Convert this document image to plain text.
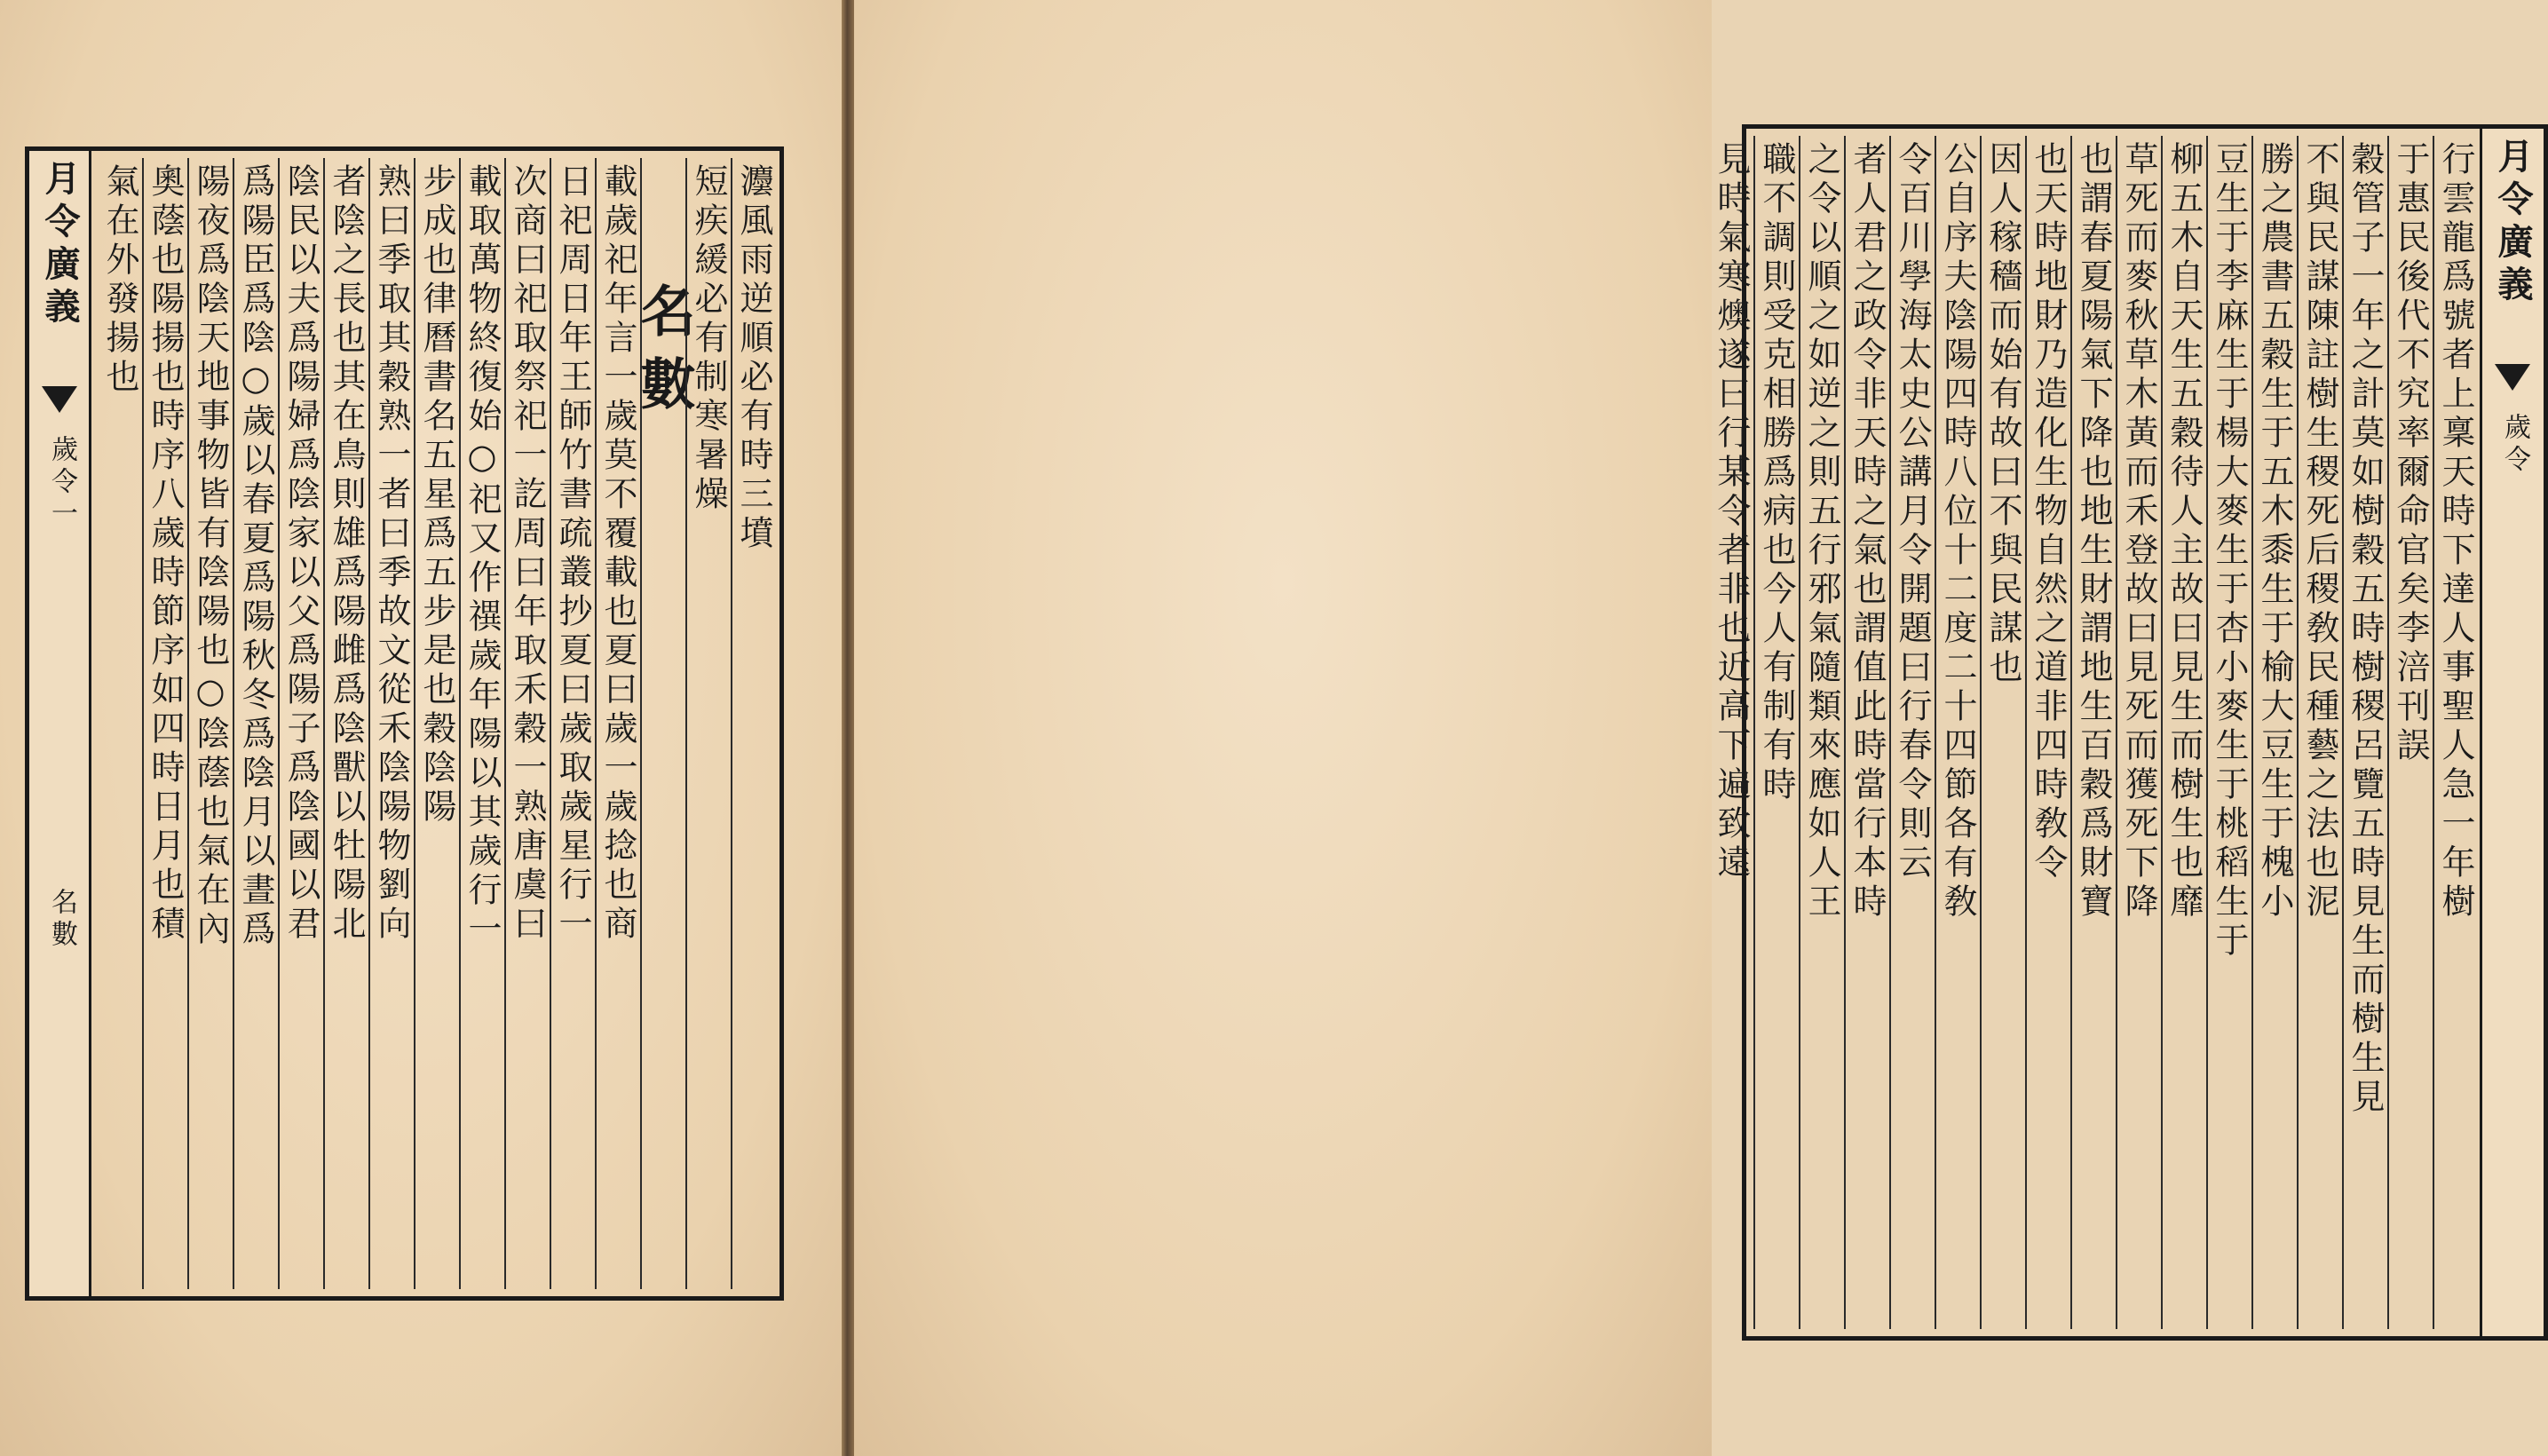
月令廣義
歲令一
名數
灋風雨逆順必有時三墳
短疾緩必有制寒暑燥
名數
載歲祀年言一歲莫不覆載也夏曰歲一歲捻也商
日祀周日年王師竹書疏叢抄夏曰歲取歲星行一
次商曰祀取祭祀一訖周曰年取禾穀一熟唐虞曰
載取萬物終復始○祀又作禩歲年陽以其歲行一
步成也律曆書名五星爲五步是也穀陰陽
熟曰季取其穀熟一者曰季故文從禾陰陽物劉向
者陰之長也其在鳥則雄爲陽雌爲陰獸以牡陽北
陰民以夫爲陽婦爲陰家以父爲陽子爲陰國以君
爲陽臣爲陰○歲以春夏爲陽秋冬爲陰月以晝爲
陽夜爲陰天地事物皆有陰陽也○陰蔭也氣在內
奧蔭也陽揚也時序八歲時節序如四時日月也積
氣在外發揚也	月令廣義
歲令
行雲龍爲號者上稟天時下達人事聖人急一年樹
于惠民後代不究率爾命官矣李涪刊誤
穀管子一年之計莫如樹穀五時樹稷呂覽五時見生而樹生見
不與民謀陳註樹生稷死后稷敎民種藝之法也泥
勝之農書五穀生于五木黍生于榆大豆生于槐小
豆生于李麻生于楊大麥生于杏小麥生于桃稻生于
柳五木自天生五穀待人主故曰見生而樹生也靡
草死而麥秋草木黃而禾登故曰見死而獲死下降
也謂春夏陽氣下降也地生財謂地生百穀爲財寶
也天時地財乃造化生物自然之道非四時敎令
因人稼穡而始有故曰不與民謀也
公自序夫陰陽四時八位十二度二十四節各有敎
令百川學海太史公講月令開題曰行春令則云
者人君之政令非天時之氣也謂值此時當行本時
之令以順之如逆之則五行邪氣隨類來應如人王
職不調則受克相勝爲病也今人有制有時
見時氣寒燠遂曰行某令者非也近高下遍致遠
